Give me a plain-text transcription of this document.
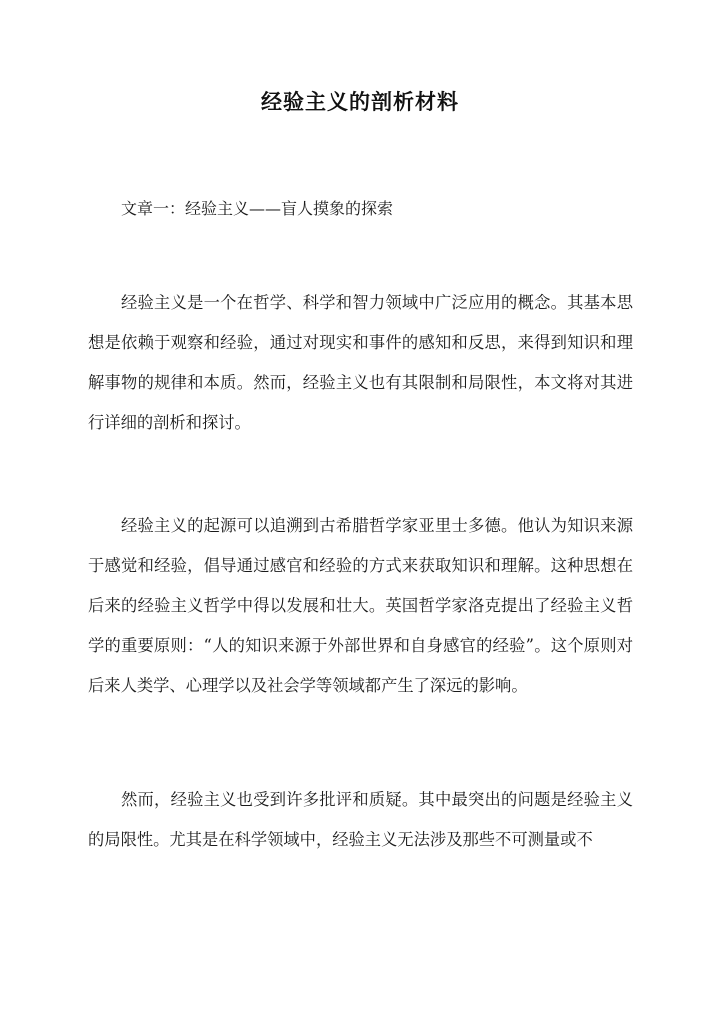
经验主义的剖析材料

文章一：经验主义——盲人摸象的探索

经验主义是一个在哲学、科学和智力领域中广泛应用的概念。其基本思想是依赖于观察和经验，通过对现实和事件的感知和反思，来得到知识和理解事物的规律和本质。然而，经验主义也有其限制和局限性，本文将对其进行详细的剖析和探讨。

经验主义的起源可以追溯到古希腊哲学家亚里士多德。他认为知识来源于感觉和经验，倡导通过感官和经验的方式来获取知识和理解。这种思想在后来的经验主义哲学中得以发展和壮大。英国哲学家洛克提出了经验主义哲学的重要原则：“人的知识来源于外部世界和自身感官的经验”。这个原则对后来人类学、心理学以及社会学等领域都产生了深远的影响。

然而，经验主义也受到许多批评和质疑。其中最突出的问题是经验主义的局限性。尤其是在科学领域中，经验主义无法涉及那些不可测量或不
